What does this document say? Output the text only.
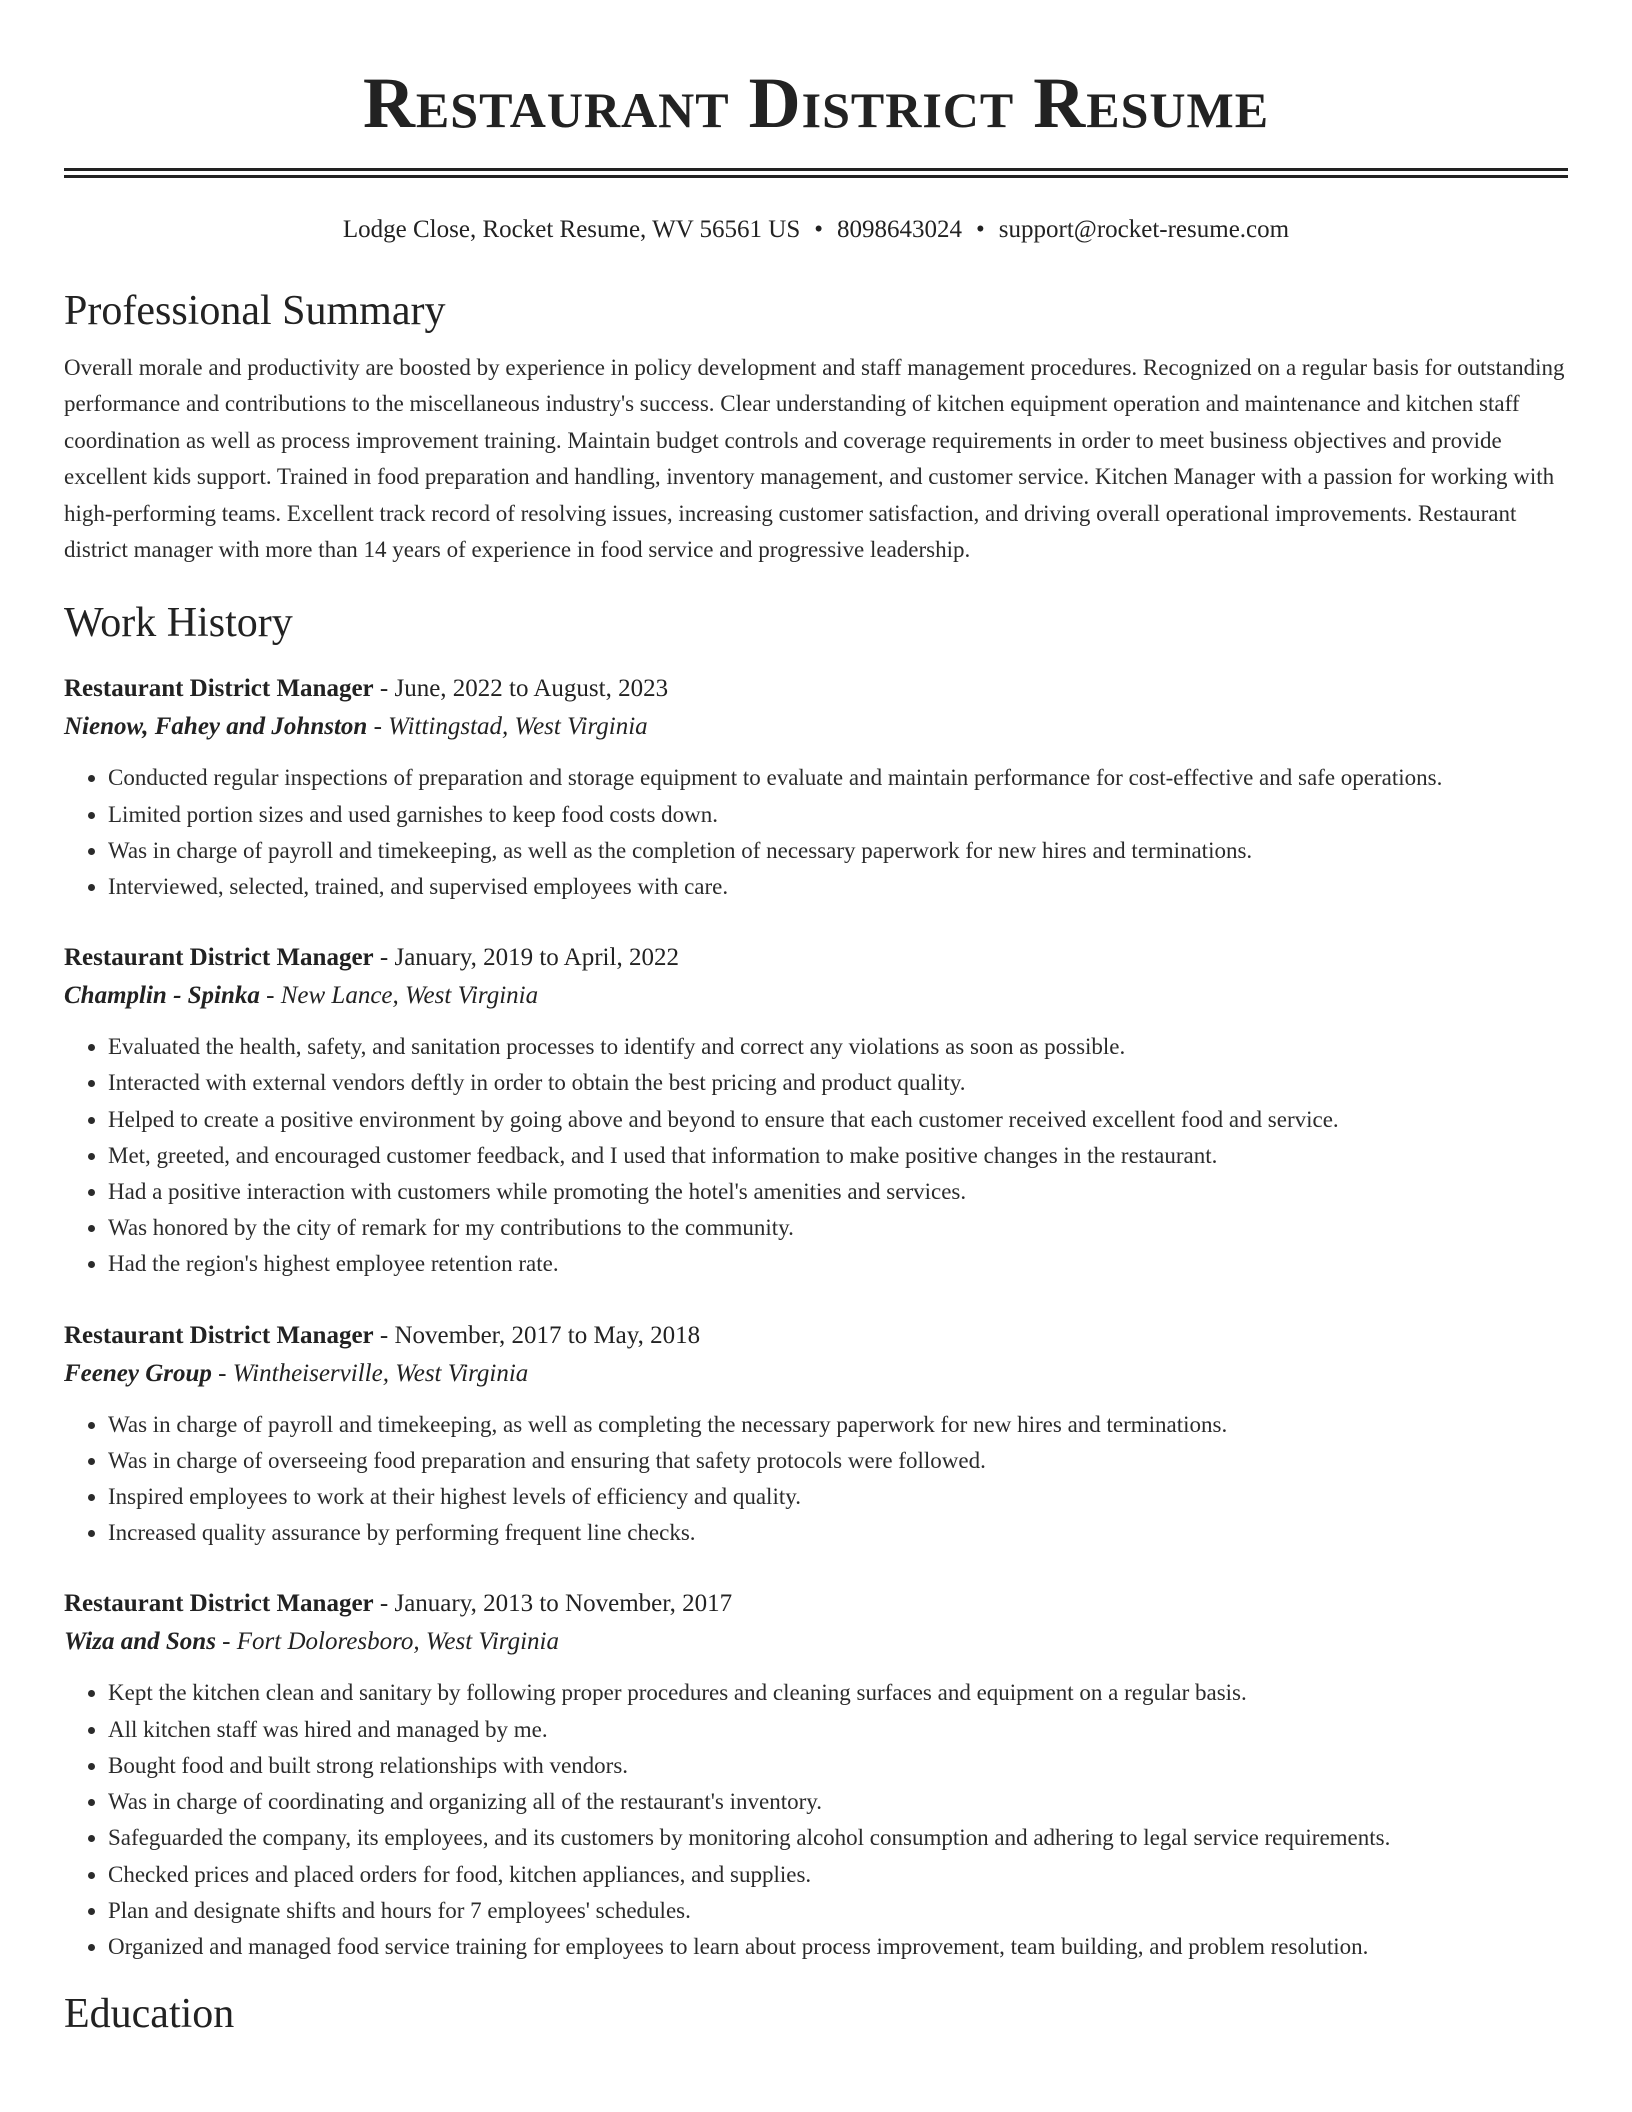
Restaurant District Resume
Lodge Close, Rocket Resume, WV 56561 US • 8098643024 • support@rocket-resume.com
Professional Summary

Overall morale and productivity are boosted by experience in policy development and staff management procedures. Recognized on a regular basis for outstanding performance and contributions to the miscellaneous industry's success. Clear understanding of kitchen equipment operation and maintenance and kitchen staff coordination as well as process improvement training. Maintain budget controls and coverage requirements in order to meet business objectives and provide excellent kids support. Trained in food preparation and handling, inventory management, and customer service. Kitchen Manager with a passion for working with high-performing teams. Excellent track record of resolving issues, increasing customer satisfaction, and driving overall operational improvements. Restaurant district manager with more than 14 years of experience in food service and progressive leadership.

Work History
Restaurant District Manager - June, 2022 to August, 2023
Nienow, Fahey and Johnston - Wittingstad, West Virginia
• Conducted regular inspections of preparation and storage equipment to evaluate and maintain performance for cost-effective and safe operations.
• Limited portion sizes and used garnishes to keep food costs down.
• Was in charge of payroll and timekeeping, as well as the completion of necessary paperwork for new hires and terminations.
• Interviewed, selected, trained, and supervised employees with care.
Restaurant District Manager - January, 2019 to April, 2022
Champlin - Spinka - New Lance, West Virginia
• Evaluated the health, safety, and sanitation processes to identify and correct any violations as soon as possible.
• Interacted with external vendors deftly in order to obtain the best pricing and product quality.
• Helped to create a positive environment by going above and beyond to ensure that each customer received excellent food and service.
• Met, greeted, and encouraged customer feedback, and I used that information to make positive changes in the restaurant.
• Had a positive interaction with customers while promoting the hotel's amenities and services.
• Was honored by the city of remark for my contributions to the community.
• Had the region's highest employee retention rate.
Restaurant District Manager - November, 2017 to May, 2018
Feeney Group - Wintheiserville, West Virginia
• Was in charge of payroll and timekeeping, as well as completing the necessary paperwork for new hires and terminations.
• Was in charge of overseeing food preparation and ensuring that safety protocols were followed.
• Inspired employees to work at their highest levels of efficiency and quality.
• Increased quality assurance by performing frequent line checks.
Restaurant District Manager - January, 2013 to November, 2017
Wiza and Sons - Fort Doloresboro, West Virginia
• Kept the kitchen clean and sanitary by following proper procedures and cleaning surfaces and equipment on a regular basis.
• All kitchen staff was hired and managed by me.
• Bought food and built strong relationships with vendors.
• Was in charge of coordinating and organizing all of the restaurant's inventory.
• Safeguarded the company, its employees, and its customers by monitoring alcohol consumption and adhering to legal service requirements.
• Checked prices and placed orders for food, kitchen appliances, and supplies.
• Plan and designate shifts and hours for 7 employees' schedules.
• Organized and managed food service training for employees to learn about process improvement, team building, and problem resolution.
Education
